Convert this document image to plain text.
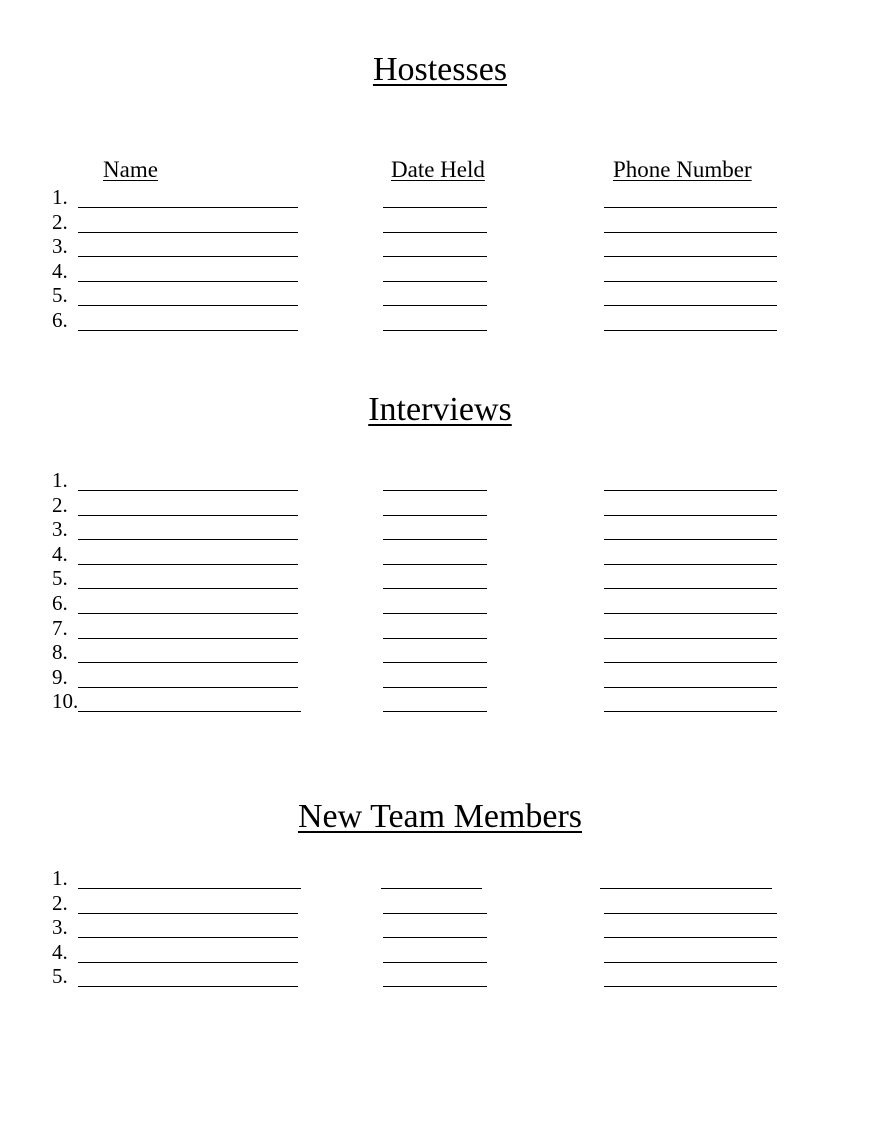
Hostesses
Name	Date Held	Phone Number
1.
2.
3.
4.
5.
6.
Interviews
1.
2.
3.
4.
5.
6.
7.
8.
9.
10.
New Team Members
1.
2.
3.
4.
5.
